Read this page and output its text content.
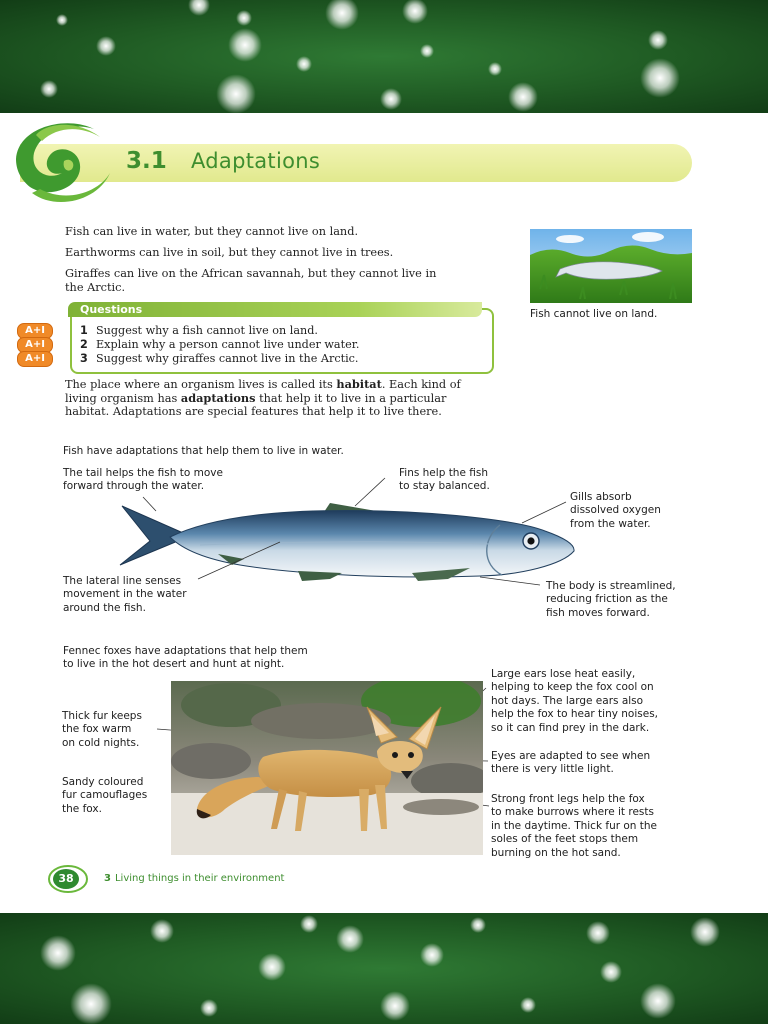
3.1 Adaptations
Fish can live in water, but they cannot live on land.
Earthworms can live in soil, but they cannot live in trees.
Giraffes can live on the African savannah, but they cannot live in
the Arctic.
Fish cannot live on land.
Questions
A+I
A+I
A+I
1 Suggest why a fish cannot live on land.
2 Explain why a person cannot live under water.
3 Suggest why giraffes cannot live in the Arctic.
The place where an organism lives is called its habitat. Each kind of
living organism has adaptations that help it to live in a particular
habitat. Adaptations are special features that help it to live there.
Fish have adaptations that help them to live in water.
The tail helps the fish to move
forward through the water.
Fins help the fish
to stay balanced.
Gills absorb
dissolved oxygen
from the water.
The lateral line senses
movement in the water
around the fish.
The body is streamlined,
reducing friction as the
fish moves forward.
Fennec foxes have adaptations that help them
to live in the hot desert and hunt at night.
Large ears lose heat easily,
helping to keep the fox cool on
hot days. The large ears also
help the fox to hear tiny noises,
so it can find prey in the dark.
Thick fur keeps
the fox warm
on cold nights.
Eyes are adapted to see when
there is very little light.
Sandy coloured
fur camouflages
the fox.
Strong front legs help the fox
to make burrows where it rests
in the daytime. Thick fur on the
soles of the feet stops them
burning on the hot sand.
38	3 Living things in their environment
